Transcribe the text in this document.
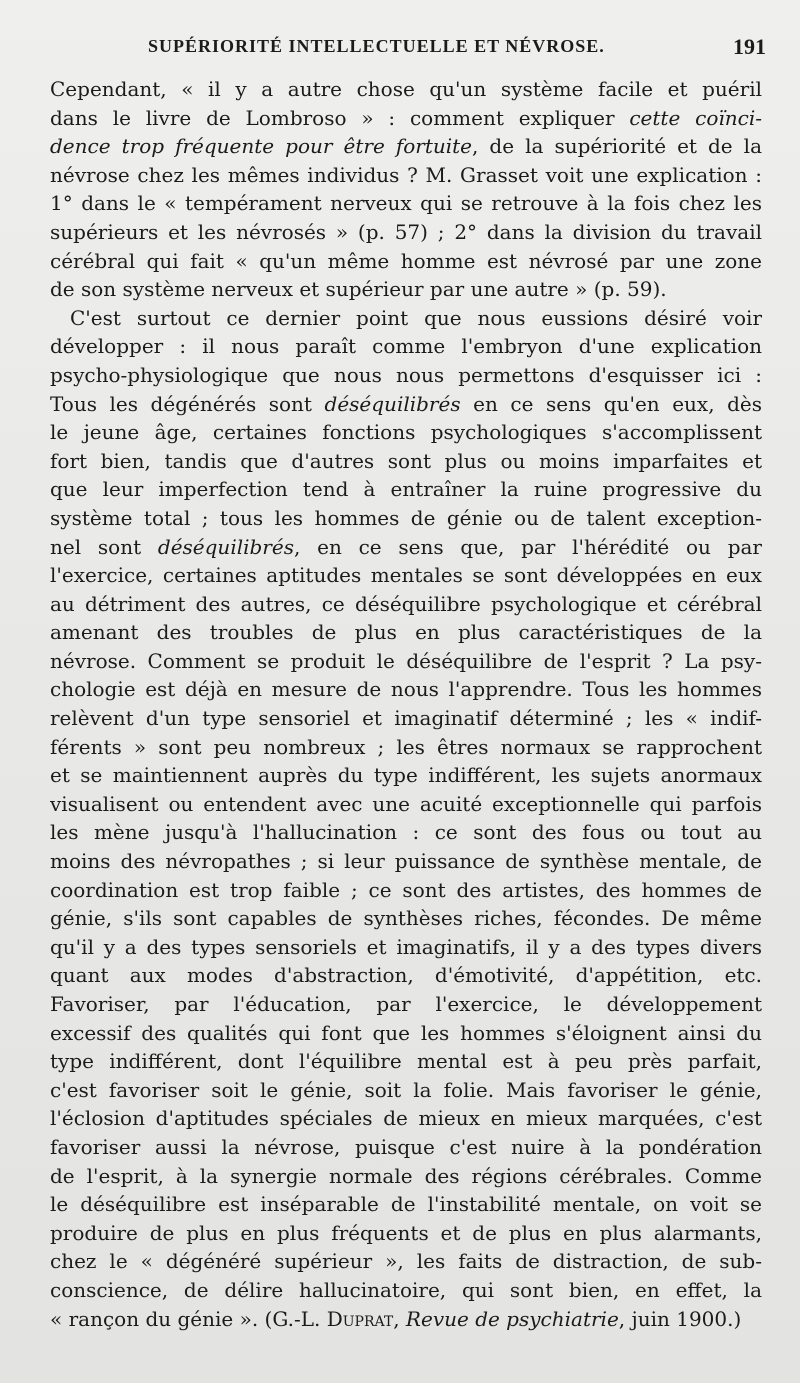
SUPÉRIORITÉ INTELLECTUELLE ET NÉVROSE.	191
Cependant, « il y a autre chose qu'un système facile et puéril
dans le livre de Lombroso » : comment expliquer cette coïnci-
dence trop fréquente pour être fortuite, de la supériorité et de la
névrose chez les mêmes individus ? M. Grasset voit une explication :
1° dans le « tempérament nerveux qui se retrouve à la fois chez les
supérieurs et les névrosés » (p. 57) ; 2° dans la division du travail
cérébral qui fait « qu'un même homme est névrosé par une zone
de son système nerveux et supérieur par une autre » (p. 59).
C'est surtout ce dernier point que nous eussions désiré voir
développer : il nous paraît comme l'embryon d'une explication
psycho-physiologique que nous nous permettons d'esquisser ici :
Tous les dégénérés sont déséquilibrés en ce sens qu'en eux, dès
le jeune âge, certaines fonctions psychologiques s'accomplissent
fort bien, tandis que d'autres sont plus ou moins imparfaites et
que leur imperfection tend à entraîner la ruine progressive du
système total ; tous les hommes de génie ou de talent exception-
nel sont déséquilibrés, en ce sens que, par l'hérédité ou par
l'exercice, certaines aptitudes mentales se sont développées en eux
au détriment des autres, ce déséquilibre psychologique et cérébral
amenant des troubles de plus en plus caractéristiques de la
névrose. Comment se produit le déséquilibre de l'esprit ? La psy-
chologie est déjà en mesure de nous l'apprendre. Tous les hommes
relèvent d'un type sensoriel et imaginatif déterminé ; les « indif-
férents » sont peu nombreux ; les êtres normaux se rapprochent
et se maintiennent auprès du type indifférent, les sujets anormaux
visualisent ou entendent avec une acuité exceptionnelle qui parfois
les mène jusqu'à l'hallucination : ce sont des fous ou tout au
moins des névropathes ; si leur puissance de synthèse mentale, de
coordination est trop faible ; ce sont des artistes, des hommes de
génie, s'ils sont capables de synthèses riches, fécondes. De même
qu'il y a des types sensoriels et imaginatifs, il y a des types divers
quant aux modes d'abstraction, d'émotivité, d'appétition, etc.
Favoriser, par l'éducation, par l'exercice, le développement
excessif des qualités qui font que les hommes s'éloignent ainsi du
type indifférent, dont l'équilibre mental est à peu près parfait,
c'est favoriser soit le génie, soit la folie. Mais favoriser le génie,
l'éclosion d'aptitudes spéciales de mieux en mieux marquées, c'est
favoriser aussi la névrose, puisque c'est nuire à la pondération
de l'esprit, à la synergie normale des régions cérébrales. Comme
le déséquilibre est inséparable de l'instabilité mentale, on voit se
produire de plus en plus fréquents et de plus en plus alarmants,
chez le « dégénéré supérieur », les faits de distraction, de sub-
conscience, de délire hallucinatoire, qui sont bien, en effet, la
« rançon du génie ». (G.-L. Duprat, Revue de psychiatrie, juin 1900.)
